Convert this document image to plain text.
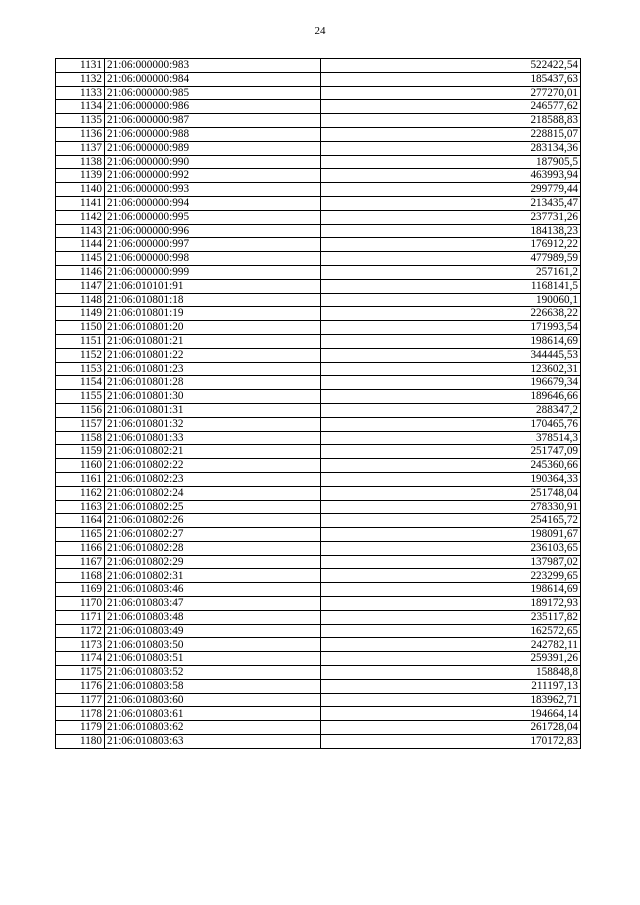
24
1131	21:06:000000:983	522422,54
1132	21:06:000000:984	185437,63
1133	21:06:000000:985	277270,01
1134	21:06:000000:986	246577,62
1135	21:06:000000:987	218588,83
1136	21:06:000000:988	228815,07
1137	21:06:000000:989	283134,36
1138	21:06:000000:990	187905,5
1139	21:06:000000:992	463993,94
1140	21:06:000000:993	299779,44
1141	21:06:000000:994	213435,47
1142	21:06:000000:995	237731,26
1143	21:06:000000:996	184138,23
1144	21:06:000000:997	176912,22
1145	21:06:000000:998	477989,59
1146	21:06:000000:999	257161,2
1147	21:06:010101:91	1168141,5
1148	21:06:010801:18	190060,1
1149	21:06:010801:19	226638,22
1150	21:06:010801:20	171993,54
1151	21:06:010801:21	198614,69
1152	21:06:010801:22	344445,53
1153	21:06:010801:23	123602,31
1154	21:06:010801:28	196679,34
1155	21:06:010801:30	189646,66
1156	21:06:010801:31	288347,2
1157	21:06:010801:32	170465,76
1158	21:06:010801:33	378514,3
1159	21:06:010802:21	251747,09
1160	21:06:010802:22	245360,66
1161	21:06:010802:23	190364,33
1162	21:06:010802:24	251748,04
1163	21:06:010802:25	278330,91
1164	21:06:010802:26	254165,72
1165	21:06:010802:27	198091,67
1166	21:06:010802:28	236103,65
1167	21:06:010802:29	137987,02
1168	21:06:010802:31	223299,65
1169	21:06:010803:46	198614,69
1170	21:06:010803:47	189172,93
1171	21:06:010803:48	235117,82
1172	21:06:010803:49	162572,65
1173	21:06:010803:50	242782,11
1174	21:06:010803:51	259391,26
1175	21:06:010803:52	158848,8
1176	21:06:010803:58	211197,13
1177	21:06:010803:60	183962,71
1178	21:06:010803:61	194664,14
1179	21:06:010803:62	261728,04
1180	21:06:010803:63	170172,83
